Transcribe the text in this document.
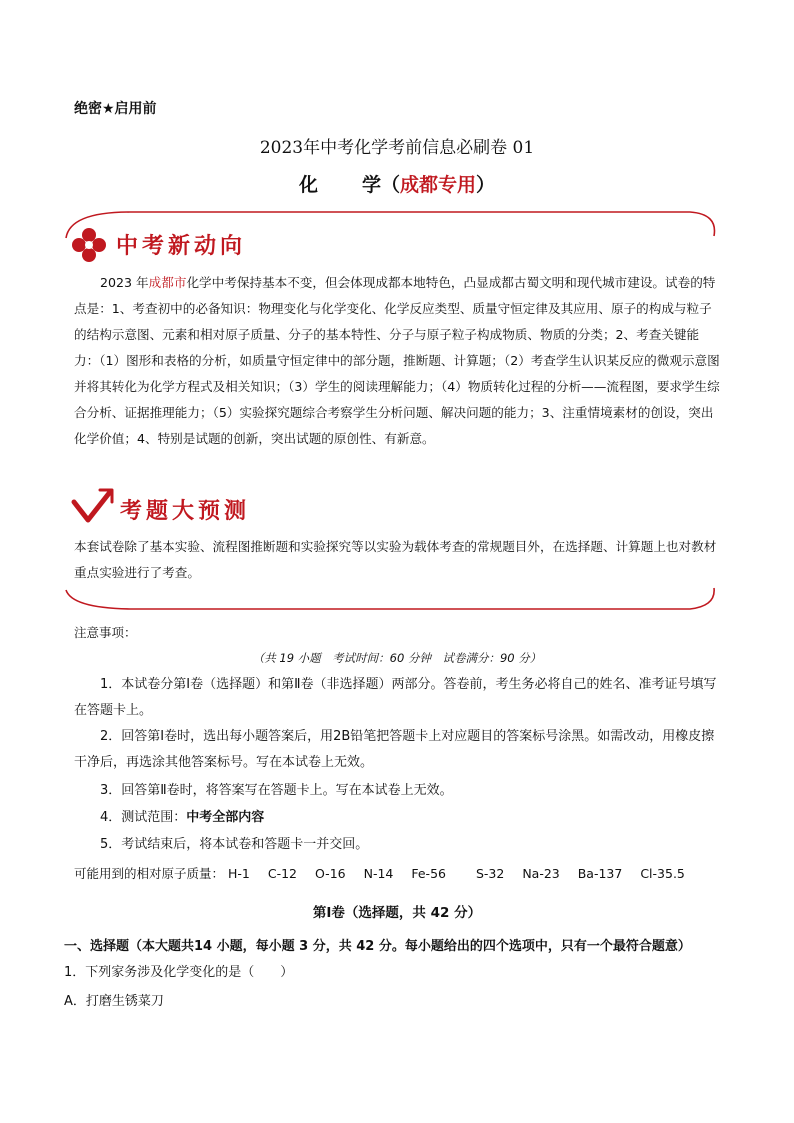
绝密★启用前
2023年中考化学考前信息必刷卷 01
化 学（成都专用）
中考新动向
2023 年成都市化学中考保持基本不变，但会体现成都本地特色，凸显成都古蜀文明和现代城市建设。试卷的特点是：1、考查初中的必备知识：物理变化与化学变化、化学反应类型、质量守恒定律及其应用、原子的构成与粒子的结构示意图、元素和相对原子质量、分子的基本特性、分子与原子粒子构成物质、物质的分类；2、考查关键能力：（1）图形和表格的分析，如质量守恒定律中的部分题，推断题、计算题；（2）考查学生认识某反应的微观示意图并将其转化为化学方程式及相关知识；（3）学生的阅读理解能力；（4）物质转化过程的分析——流程图，要求学生综合分析、证据推理能力；（5）实验探究题综合考察学生分析问题、解决问题的能力；3、注重情境素材的创设，突出化学价值；4、特别是试题的创新，突出试题的原创性、有新意。
考题大预测
本套试卷除了基本实验、流程图推断题和实验探究等以实验为载体考查的常规题目外，在选择题、计算题上也对教材重点实验进行了考查。
注意事项：
（共 19 小题　考试时间：60 分钟　试卷满分：90 分）
1．本试卷分第Ⅰ卷（选择题）和第Ⅱ卷（非选择题）两部分。答卷前，考生务必将自己的姓名、准考证号填写在答题卡上。
2．回答第Ⅰ卷时，选出每小题答案后，用2B铅笔把答题卡上对应题目的答案标号涂黑。如需改动，用橡皮擦干净后，再选涂其他答案标号。写在本试卷上无效。
3．回答第Ⅱ卷时，将答案写在答题卡上。写在本试卷上无效。
4．测试范围：中考全部内容
5．考试结束后，将本试卷和答题卡一并交回。
可能用到的相对原子质量： H-1 C-12 O-16 N-14 Fe-56 S-32 Na-23 Ba-137 Cl-35.5
第Ⅰ卷（选择题，共 42 分）
一、选择题（本大题共14 小题，每小题 3 分，共 42 分。每小题给出的四个选项中，只有一个最符合题意）
1．下列家务涉及化学变化的是（　　）
A．打磨生锈菜刀
